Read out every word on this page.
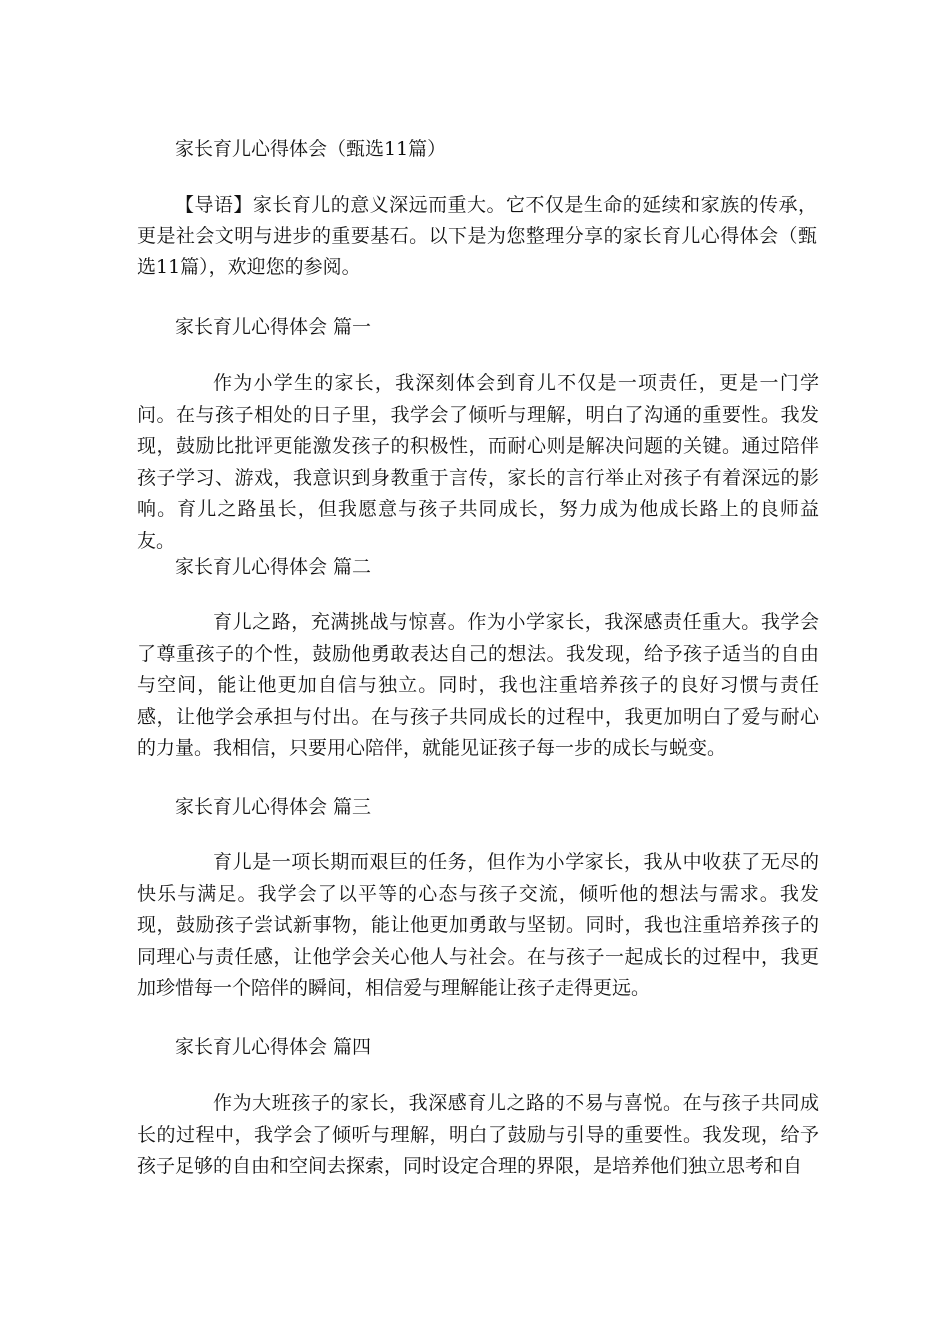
家长育儿心得体会（甄选11篇）
【导语】家长育儿的意义深远而重大。它不仅是生命的延续和家族的传承，更是社会文明与进步的重要基石。以下是为您整理分享的家长育儿心得体会（甄选11篇），欢迎您的参阅。
家长育儿心得体会 篇一
作为小学生的家长，我深刻体会到育儿不仅是一项责任，更是一门学问。在与孩子相处的日子里，我学会了倾听与理解，明白了沟通的重要性。我发现，鼓励比批评更能激发孩子的积极性，而耐心则是解决问题的关键。通过陪伴孩子学习、游戏，我意识到身教重于言传，家长的言行举止对孩子有着深远的影响。育儿之路虽长，但我愿意与孩子共同成长，努力成为他成长路上的良师益友。
家长育儿心得体会 篇二
育儿之路，充满挑战与惊喜。作为小学家长，我深感责任重大。我学会了尊重孩子的个性，鼓励他勇敢表达自己的想法。我发现，给予孩子适当的自由与空间，能让他更加自信与独立。同时，我也注重培养孩子的良好习惯与责任感，让他学会承担与付出。在与孩子共同成长的过程中，我更加明白了爱与耐心的力量。我相信，只要用心陪伴，就能见证孩子每一步的成长与蜕变。
家长育儿心得体会 篇三
育儿是一项长期而艰巨的任务，但作为小学家长，我从中收获了无尽的快乐与满足。我学会了以平等的心态与孩子交流，倾听他的想法与需求。我发现，鼓励孩子尝试新事物，能让他更加勇敢与坚韧。同时，我也注重培养孩子的同理心与责任感，让他学会关心他人与社会。在与孩子一起成长的过程中，我更加珍惜每一个陪伴的瞬间，相信爱与理解能让孩子走得更远。
家长育儿心得体会 篇四
作为大班孩子的家长，我深感育儿之路的不易与喜悦。在与孩子共同成长的过程中，我学会了倾听与理解，明白了鼓励与引导的重要性。我发现，给予孩子足够的自由和空间去探索，同时设定合理的界限，是培养他们独立思考和自
